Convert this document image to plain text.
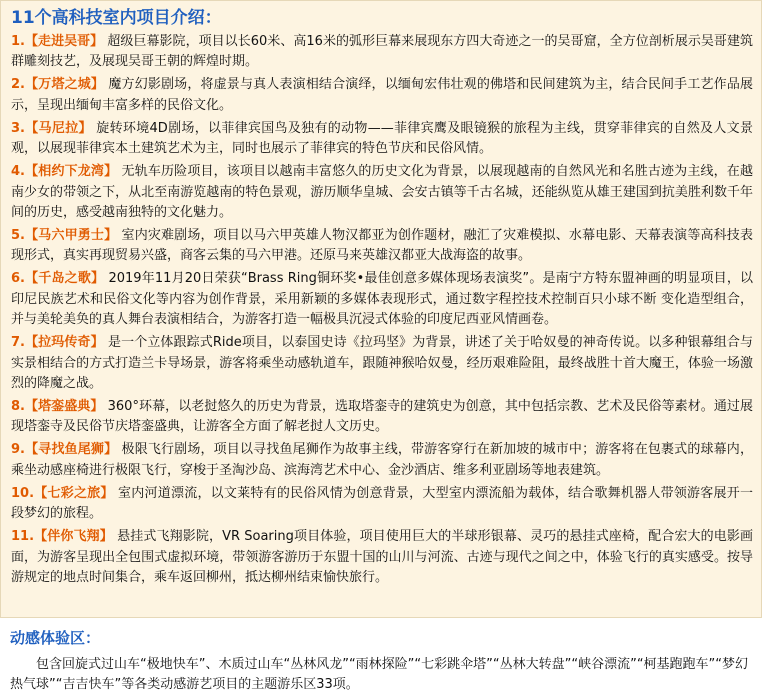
11个高科技室内项目介绍：
1.【走进吴哥】 超级巨幕影院，项目以长60米、高16米的弧形巨幕来展现东方四大奇迹之一的吴哥窟，全方位剖析展示吴哥建筑群雕刻技艺，及展现吴哥王朝的辉煌时期。
2.【万塔之城】 魔方幻影剧场，将虚景与真人表演相结合演绎，以缅甸宏伟壮观的佛塔和民间建筑为主，结合民间手工艺作品展示，呈现出缅甸丰富多样的民俗文化。
3.【马尼拉】 旋转环境4D剧场，以菲律宾国鸟及独有的动物——菲律宾鹰及眼镜猴的旅程为主线，贯穿菲律宾的自然及人文景观，以展现菲律宾本土建筑艺术为主，同时也展示了菲律宾的特色节庆和民俗风情。
4.【相约下龙湾】 无轨车历险项目，该项目以越南丰富悠久的历史文化为背景，以展现越南的自然风光和名胜古迹为主线，在越南少女的带领之下，从北至南游览越南的特色景观，游历顺华皇城、会安古镇等千古名城，还能纵览从雄王建国到抗美胜利数千年间的历史，感受越南独特的文化魅力。
5.【马六甲勇士】 室内灾难剧场，项目以马六甲英雄人物汉都亚为创作题材，融汇了灾难模拟、水幕电影、天幕表演等高科技表现形式，真实再现贸易兴盛，商客云集的马六甲港。还原马来英雄汉都亚大战海盗的故事。
6.【千岛之歌】 2019年11月20日荣获“Brass Ring铜环奖•最佳创意多媒体现场表演奖”。是南宁方特东盟神画的明显项目，以印尼民族艺术和民俗文化等内容为创作背景，采用新颖的多媒体表现形式，通过数字程控技术控制百只小球不断 变化造型组合，并与美轮美奂的真人舞台表演相结合，为游客打造一幅极具沉浸式体验的印度尼西亚风情画卷。
7.【拉玛传奇】 是一个立体跟踪式Ride项目，以泰国史诗《拉玛坚》为背景，讲述了关于哈奴曼的神奇传说。以多种银幕组合与实景相结合的方式打造兰卡导场景，游客将乘坐动感轨道车，跟随神猴哈奴曼，经历艰难险阻，最终战胜十首大魔王，体验一场激烈的降魔之战。
8.【塔銮盛典】 360°环幕，以老挝悠久的历史为背景，选取塔銮寺的建筑史为创意，其中包括宗教、艺术及民俗等素材。通过展现塔銮寺及民俗节庆塔銮盛典，让游客全方面了解老挝人文历史。
9.【寻找鱼尾狮】 极限飞行剧场，项目以寻找鱼尾狮作为故事主线，带游客穿行在新加坡的城市中；游客将在包裹式的球幕内，乘坐动感座椅进行极限飞行，穿梭于圣淘沙岛、滨海湾艺术中心、金沙酒店、维多利亚剧场等地表建筑。
10.【七彩之旅】 室内河道漂流，以文莱特有的民俗风情为创意背景，大型室内漂流船为载体，结合歌舞机器人带领游客展开一段梦幻的旅程。
11.【伴你飞翔】 悬挂式飞翔影院，VR Soaring项目体验，项目使用巨大的半球形银幕、灵巧的悬挂式座椅，配合宏大的电影画面，为游客呈现出全包围式虚拟环境，带领游客游历于东盟十国的山川与河流、古迹与现代之间之中，体验飞行的真实感受。按导游规定的地点时间集合，乘车返回柳州，抵达柳州结束愉快旅行。
动感体验区：
包含回旋式过山车“极地快车”、木质过山车“丛林风龙”“雨林探险”“七彩跳伞塔”“丛林大转盘”“峡谷漂流”“柯基跑跑车”“梦幻热气球”“吉吉快车”等各类动感游艺项目的主题游乐区33项。
